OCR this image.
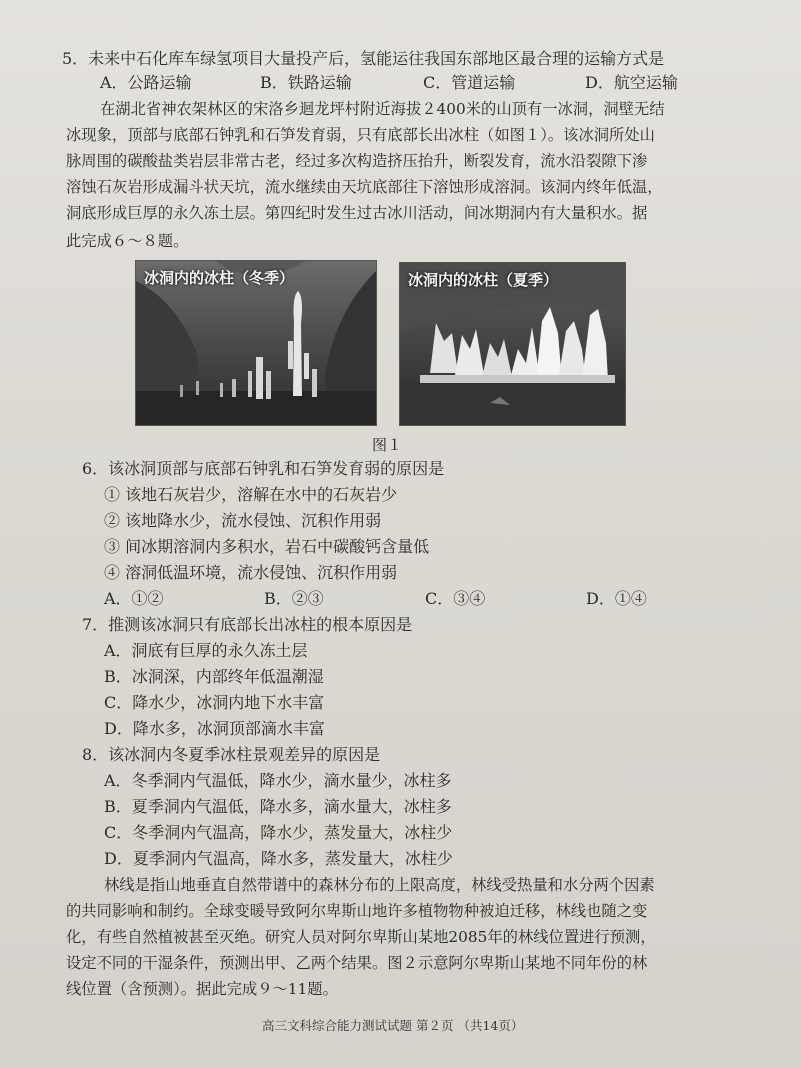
5．未来中石化库车绿氢项目大量投产后，氢能运往我国东部地区最合理的运输方式是
A．公路运输	B．铁路运输	C．管道运输	D．航空运输
在湖北省神农架林区的宋洛乡迴龙坪村附近海拔２400米的山顶有一冰洞，洞壁无结
冰现象，顶部与底部石钟乳和石笋发育弱，只有底部长出冰柱（如图１）。该冰洞所处山
脉周围的碳酸盐类岩层非常古老，经过多次构造挤压抬升，断裂发育，流水沿裂隙下渗
溶蚀石灰岩形成漏斗状天坑，流水继续由天坑底部往下溶蚀形成溶洞。该洞内终年低温，
洞底形成巨厚的永久冻土层。第四纪时发生过古冰川活动，间冰期洞内有大量积水。据
此完成６～８题。
冰洞内的冰柱（冬季）	冰洞内的冰柱（夏季）
图１
6．该冰洞顶部与底部石钟乳和石笋发育弱的原因是
① 该地石灰岩少，溶解在水中的石灰岩少
② 该地降水少，流水侵蚀、沉积作用弱
③ 间冰期溶洞内多积水，岩石中碳酸钙含量低
④ 溶洞低温环境，流水侵蚀、沉积作用弱
A．①②	B．②③	C．③④	D．①④
7．推测该冰洞只有底部长出冰柱的根本原因是
A．洞底有巨厚的永久冻土层
B．冰洞深，内部终年低温潮湿
C．降水少，冰洞内地下水丰富
D．降水多，冰洞顶部滴水丰富
8．该冰洞内冬夏季冰柱景观差异的原因是
A．冬季洞内气温低，降水少，滴水量少，冰柱多
B．夏季洞内气温低，降水多，滴水量大，冰柱多
C．冬季洞内气温高，降水少，蒸发量大，冰柱少
D．夏季洞内气温高，降水多，蒸发量大，冰柱少
林线是指山地垂直自然带谱中的森林分布的上限高度，林线受热量和水分两个因素
的共同影响和制约。全球变暖导致阿尔卑斯山地许多植物物种被迫迁移，林线也随之变
化，有些自然植被甚至灭绝。研究人员对阿尔卑斯山某地2085年的林线位置进行预测，
设定不同的干湿条件，预测出甲、乙两个结果。图２示意阿尔卑斯山某地不同年份的林
线位置（含预测）。据此完成９～11题。
高三文科综合能力测试试题 第２页 （共14页）
